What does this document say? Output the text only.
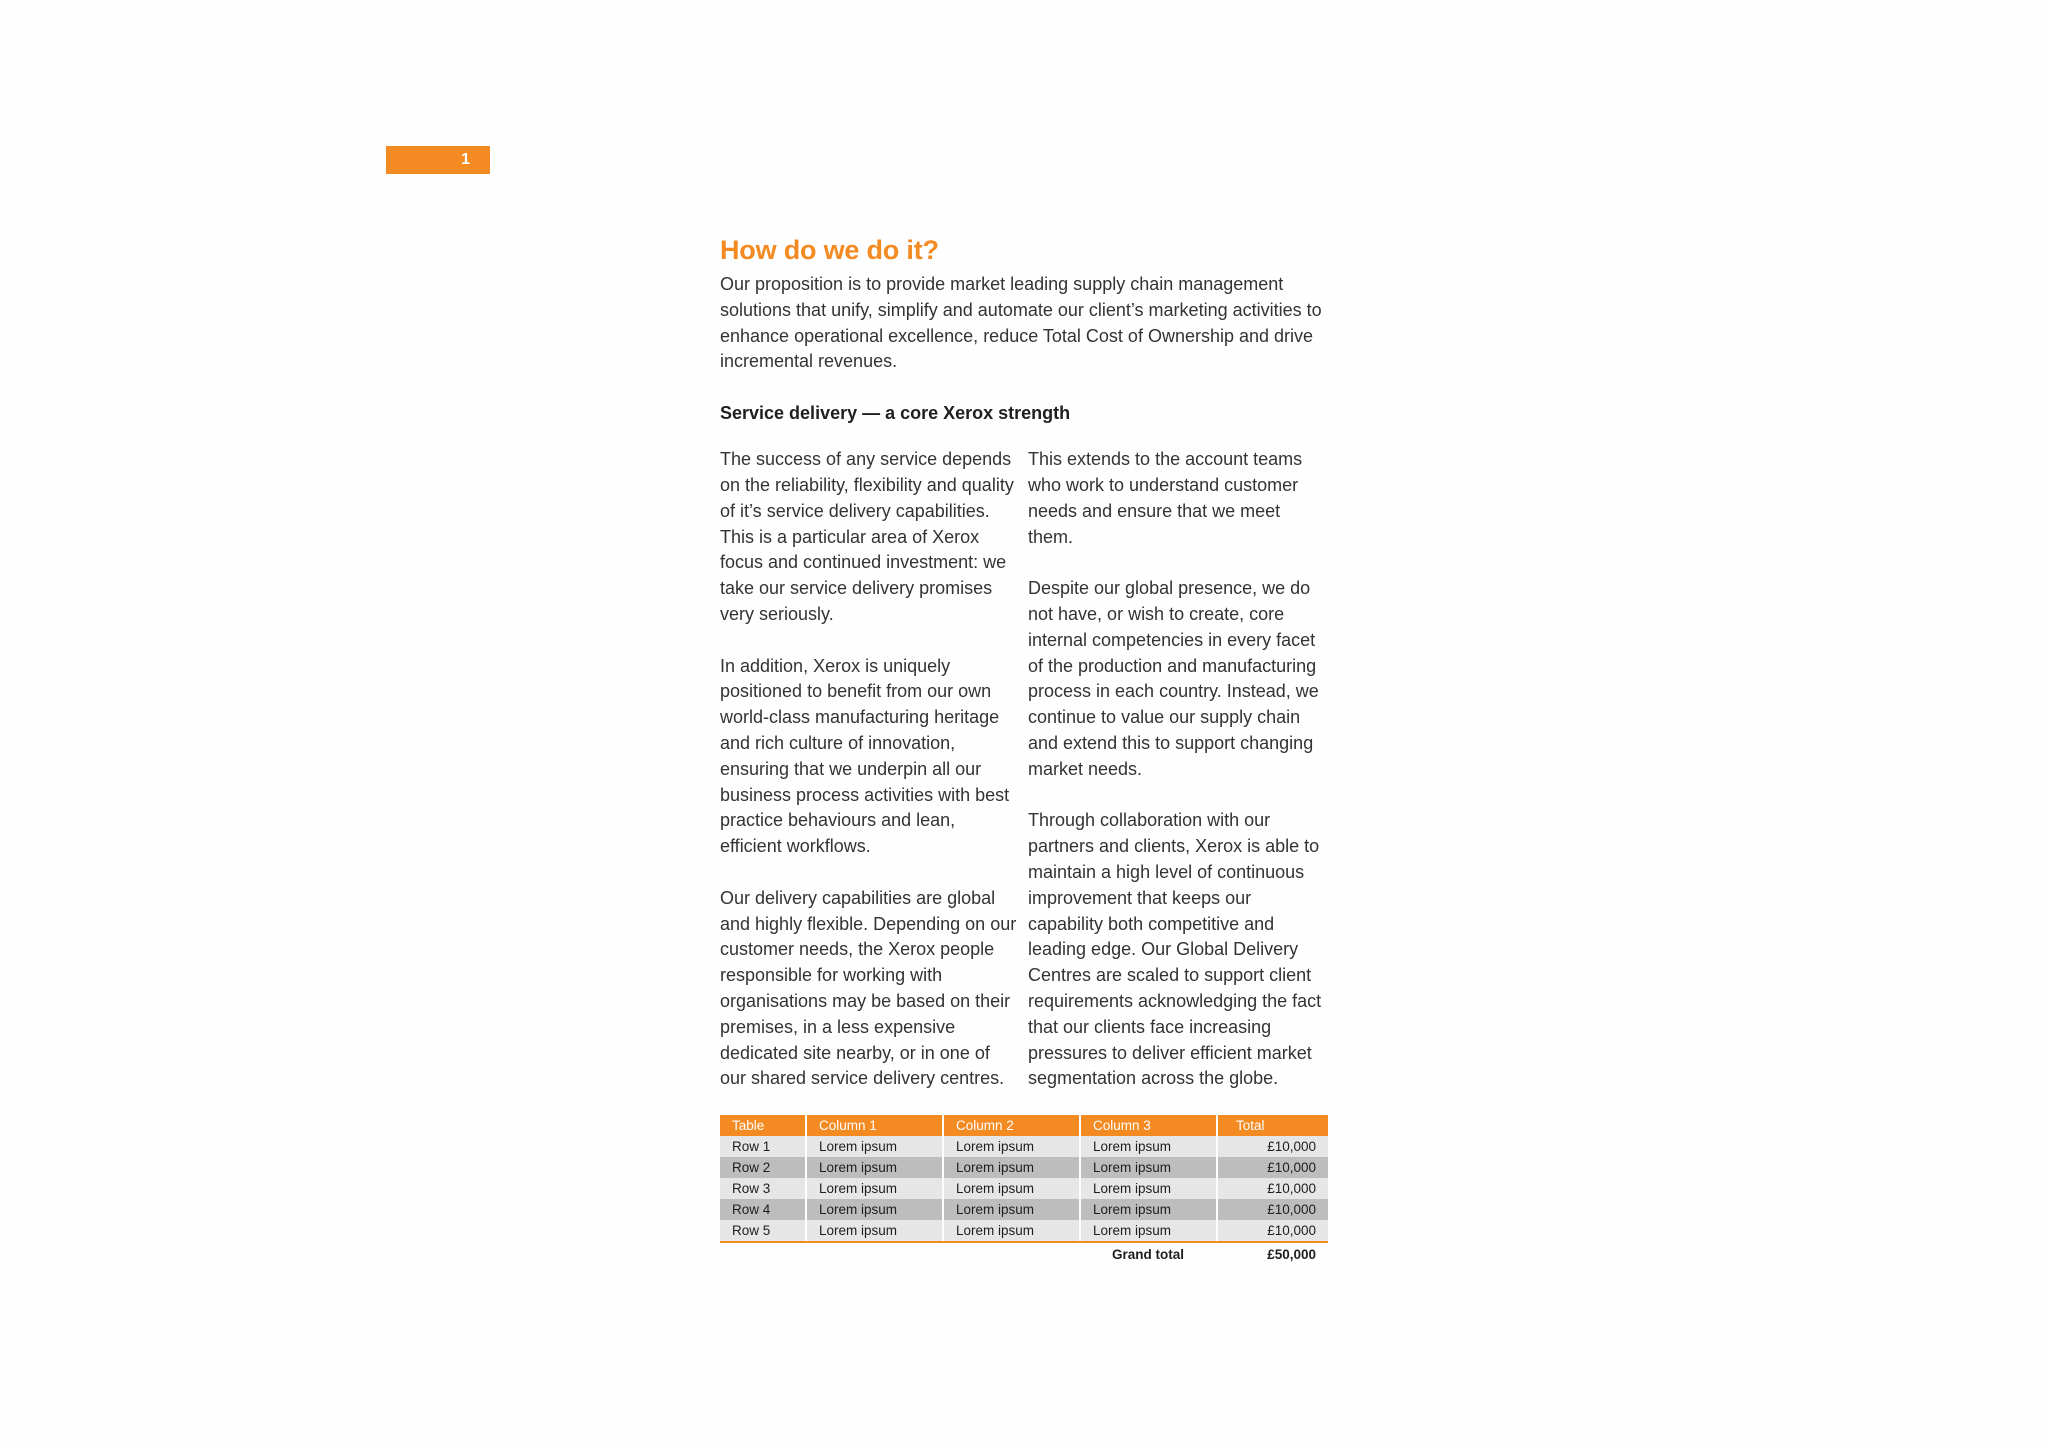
1
How do we do it?

Our proposition is to provide market leading supply chain management solutions that unify, simplify and automate our client’s marketing activities to enhance operational excellence, reduce Total Cost of Ownership and drive incremental revenues.

Service delivery — a core Xerox strength

The success of any service depends on the reliability, flexibility and quality of it’s service delivery capabilities. This is a particular area of Xerox focus and continued investment: we take our service delivery promises very seriously.

In addition, Xerox is uniquely positioned to benefit from our own world-class manufacturing heritage and rich culture of innovation, ensuring that we underpin all our business process activities with best practice behaviours and lean, efficient workflows.

Our delivery capabilities are global and highly flexible. Depending on our customer needs, the Xerox people responsible for working with organisations may be based on their premises, in a less expensive dedicated site nearby, or in one of our shared service delivery centres.

This extends to the account teams who work to understand customer needs and ensure that we meet them.

Despite our global presence, we do not have, or wish to create, core internal competencies in every facet of the production and manufacturing process in each country. Instead, we continue to value our supply chain and extend this to support changing market needs.

Through collaboration with our partners and clients, Xerox is able to maintain a high level of continuous improvement that keeps our capability both competitive and leading edge. Our Global Delivery Centres are scaled to support client requirements acknowledging the fact that our clients face increasing pressures to deliver efficient market segmentation across the globe.

Table	Column 1	Column 2	Column 3	Total
Row 1	Lorem ipsum	Lorem ipsum	Lorem ipsum	£10,000
Row 2	Lorem ipsum	Lorem ipsum	Lorem ipsum	£10,000
Row 3	Lorem ipsum	Lorem ipsum	Lorem ipsum	£10,000
Row 4	Lorem ipsum	Lorem ipsum	Lorem ipsum	£10,000
Row 5	Lorem ipsum	Lorem ipsum	Lorem ipsum	£10,000
Grand total				£50,000
